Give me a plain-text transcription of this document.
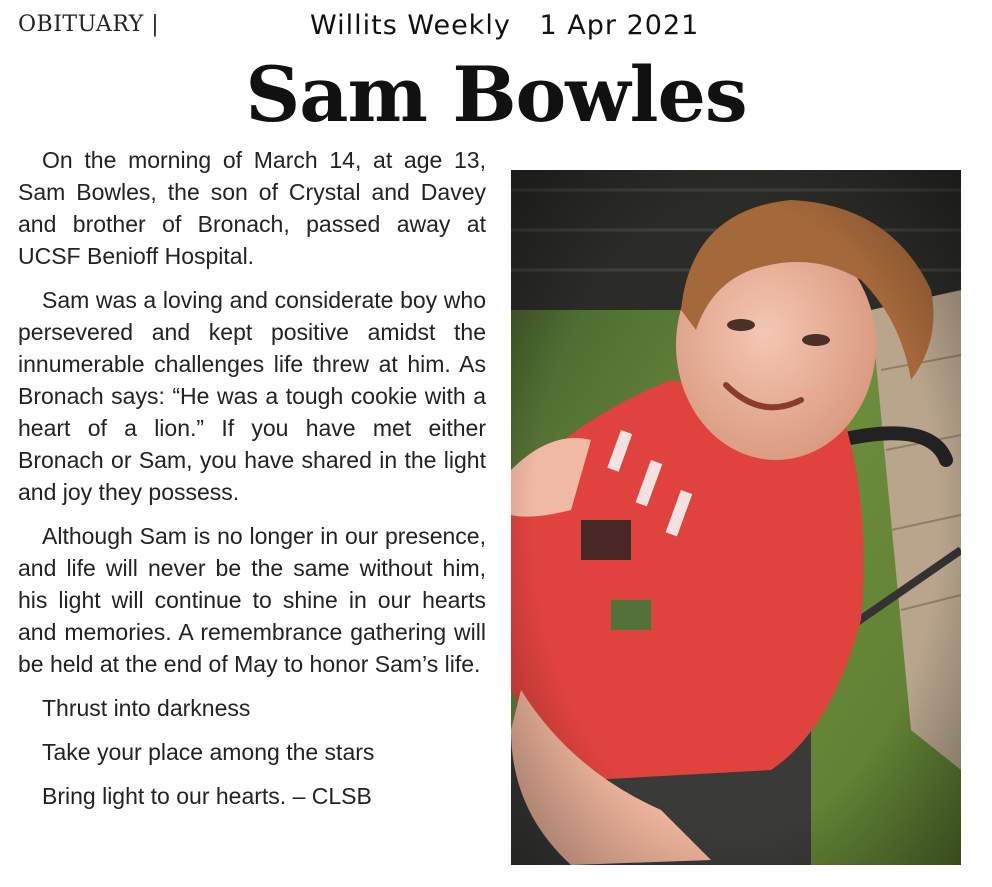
OBITUARY |	Willits Weekly   1 Apr 2021
Sam Bowles

On the morning of March 14, at age 13, Sam Bowles, the son of Crystal and Davey and brother of Bronach, passed away at UCSF Benioff Hospital.

Sam was a loving and considerate boy who persevered and kept positive amidst the innumerable challenges life threw at him. As Bronach says: “He was a tough cookie with a heart of a lion.” If you have met either Bronach or Sam, you have shared in the light and joy they possess.

Although Sam is no longer in our presence, and life will never be the same without him, his light will continue to shine in our hearts and memories. A remembrance gathering will be held at the end of May to honor Sam’s life.

Thrust into darkness

Take your place among the stars

Bring light to our hearts. – CLSB
